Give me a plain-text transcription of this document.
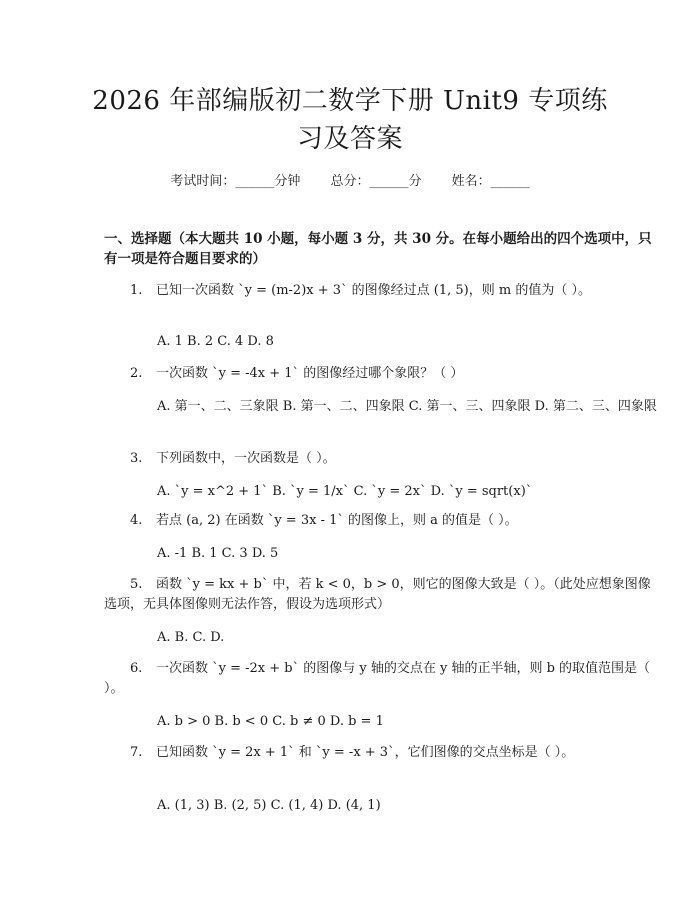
2026 年部编版初二数学下册 Unit9 专项练习及答案
考试时间：______分钟 总分：______分 姓名：______
一、选择题（本大题共 10 小题，每小题 3 分，共 30 分。在每小题给出的四个选项中，只有一项是符合题目要求的）
1. 已知一次函数 `y = (m-2)x + 3` 的图像经过点 (1, 5)，则 m 的值为（ ）。
A. 1 B. 2 C. 4 D. 8
2. 一次函数 `y = -4x + 1` 的图像经过哪个象限？（ ）
A. 第一、二、三象限 B. 第一、二、四象限 C. 第一、三、四象限 D. 第二、三、四象限
3. 下列函数中，一次函数是（ ）。
A. `y = x^2 + 1` B. `y = 1/x` C. `y = 2x` D. `y = sqrt(x)`
4. 若点 (a, 2) 在函数 `y = 3x - 1` 的图像上，则 a 的值是（ ）。
A. -1 B. 1 C. 3 D. 5
5. 函数 `y = kx + b` 中，若 k < 0，b > 0，则它的图像大致是（ ）。（此处应想象图像选项，无具体图像则无法作答，假设为选项形式）
A. B. C. D.
6. 一次函数 `y = -2x + b` 的图像与 y 轴的交点在 y 轴的正半轴，则 b 的取值范围是（ ）。
A. b > 0 B. b < 0 C. b ≠ 0 D. b = 1
7. 已知函数 `y = 2x + 1` 和 `y = -x + 3`，它们图像的交点坐标是（ ）。
A. (1, 3) B. (2, 5) C. (1, 4) D. (4, 1)
